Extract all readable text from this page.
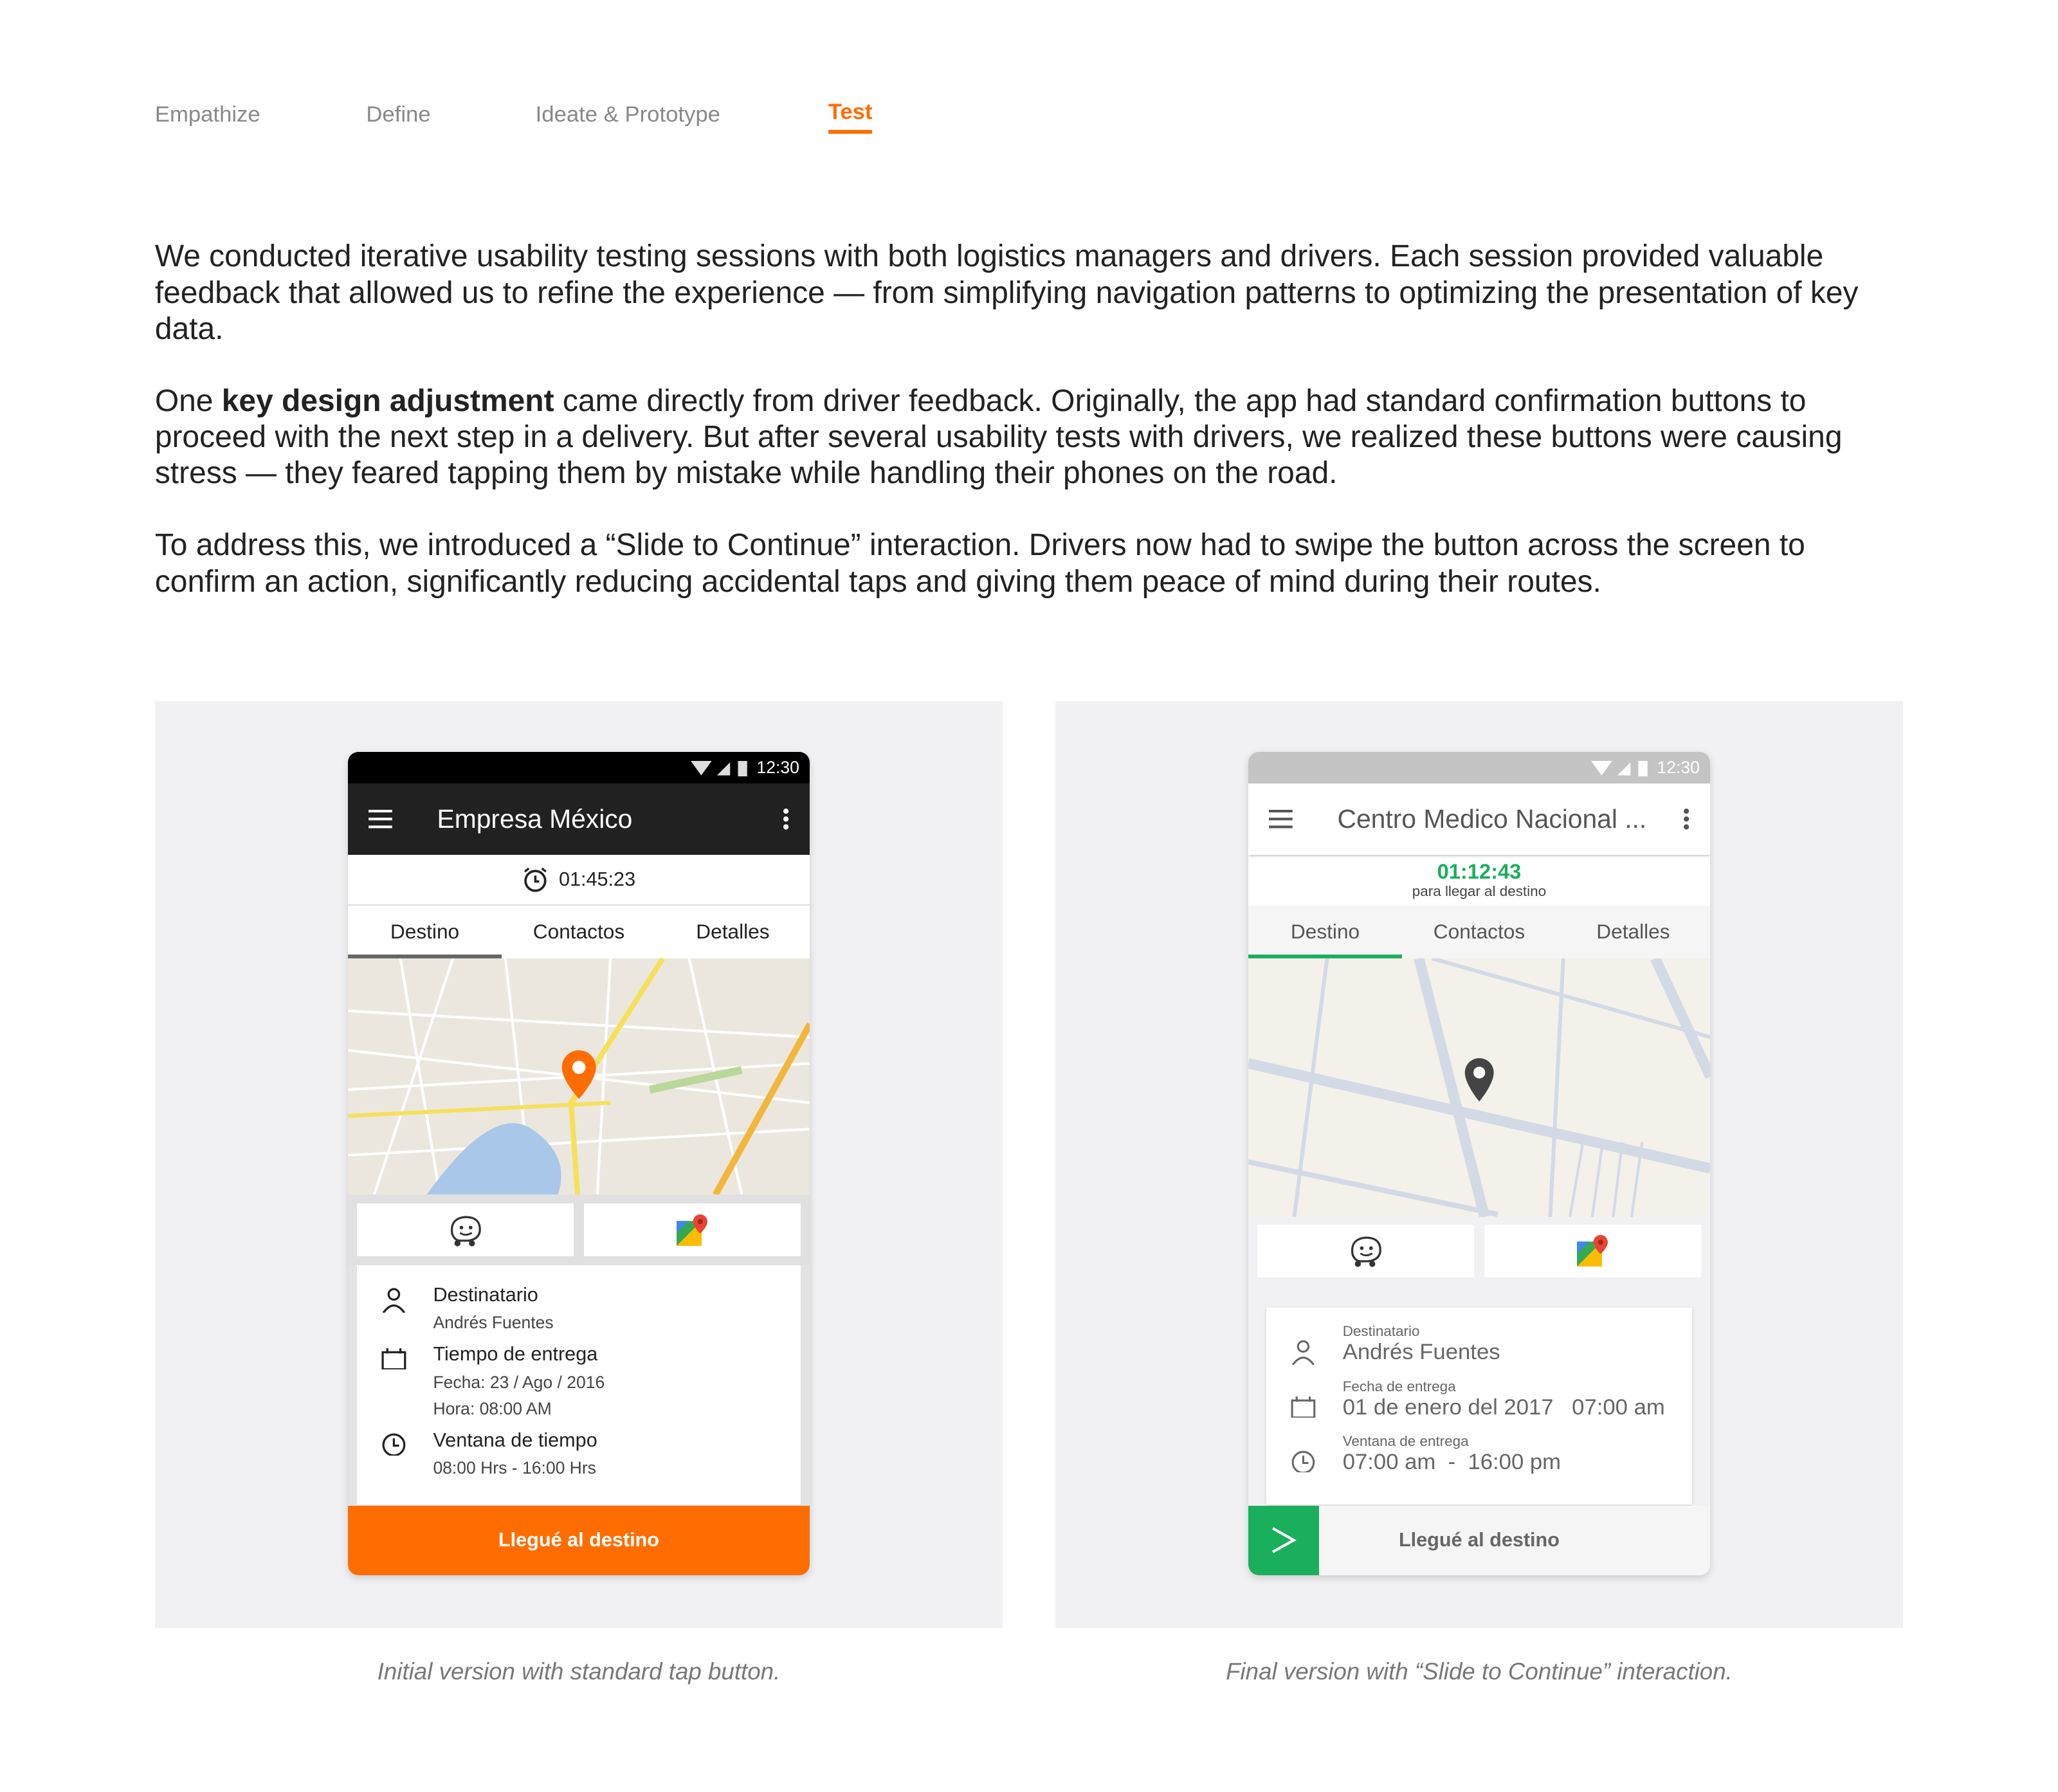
Empathize	Define	Ideate & Prototype	Test

We conducted iterative usability testing sessions with both logistics managers and drivers. Each session provided valuable feedback that allowed us to refine the experience — from simplifying navigation patterns to optimizing the presentation of key data.

One key design adjustment came directly from driver feedback. Originally, the app had standard confirmation buttons to proceed with the next step in a delivery. But after several usability tests with drivers, we realized these buttons were causing stress — they feared tapping them by mistake while handling their phones on the road.

To address this, we introduced a “Slide to Continue” interaction. Drivers now had to swipe the button across the screen to confirm an action, significantly reducing accidental taps and giving them peace of mind during their routes.

12:30
Empresa México
01:45:23
Destino	Contactos	Detalles
Destinatario
Andrés Fuentes
Tiempo de entrega
Fecha: 23 / Ago / 2016
Hora: 08:00 AM
Ventana de tiempo
08:00 Hrs - 16:00 Hrs
Llegué al destino
Initial version with standard tap button.
12:30
Centro Medico Nacional ...
01:12:43
para llegar al destino
Destino	Contactos	Detalles
Destinatario
Andrés Fuentes
Fecha de entrega
01 de enero del 2017 07:00 am
Ventana de entrega
07:00 am  -  16:00 pm
Llegué al destino
Final version with “Slide to Continue” interaction.
